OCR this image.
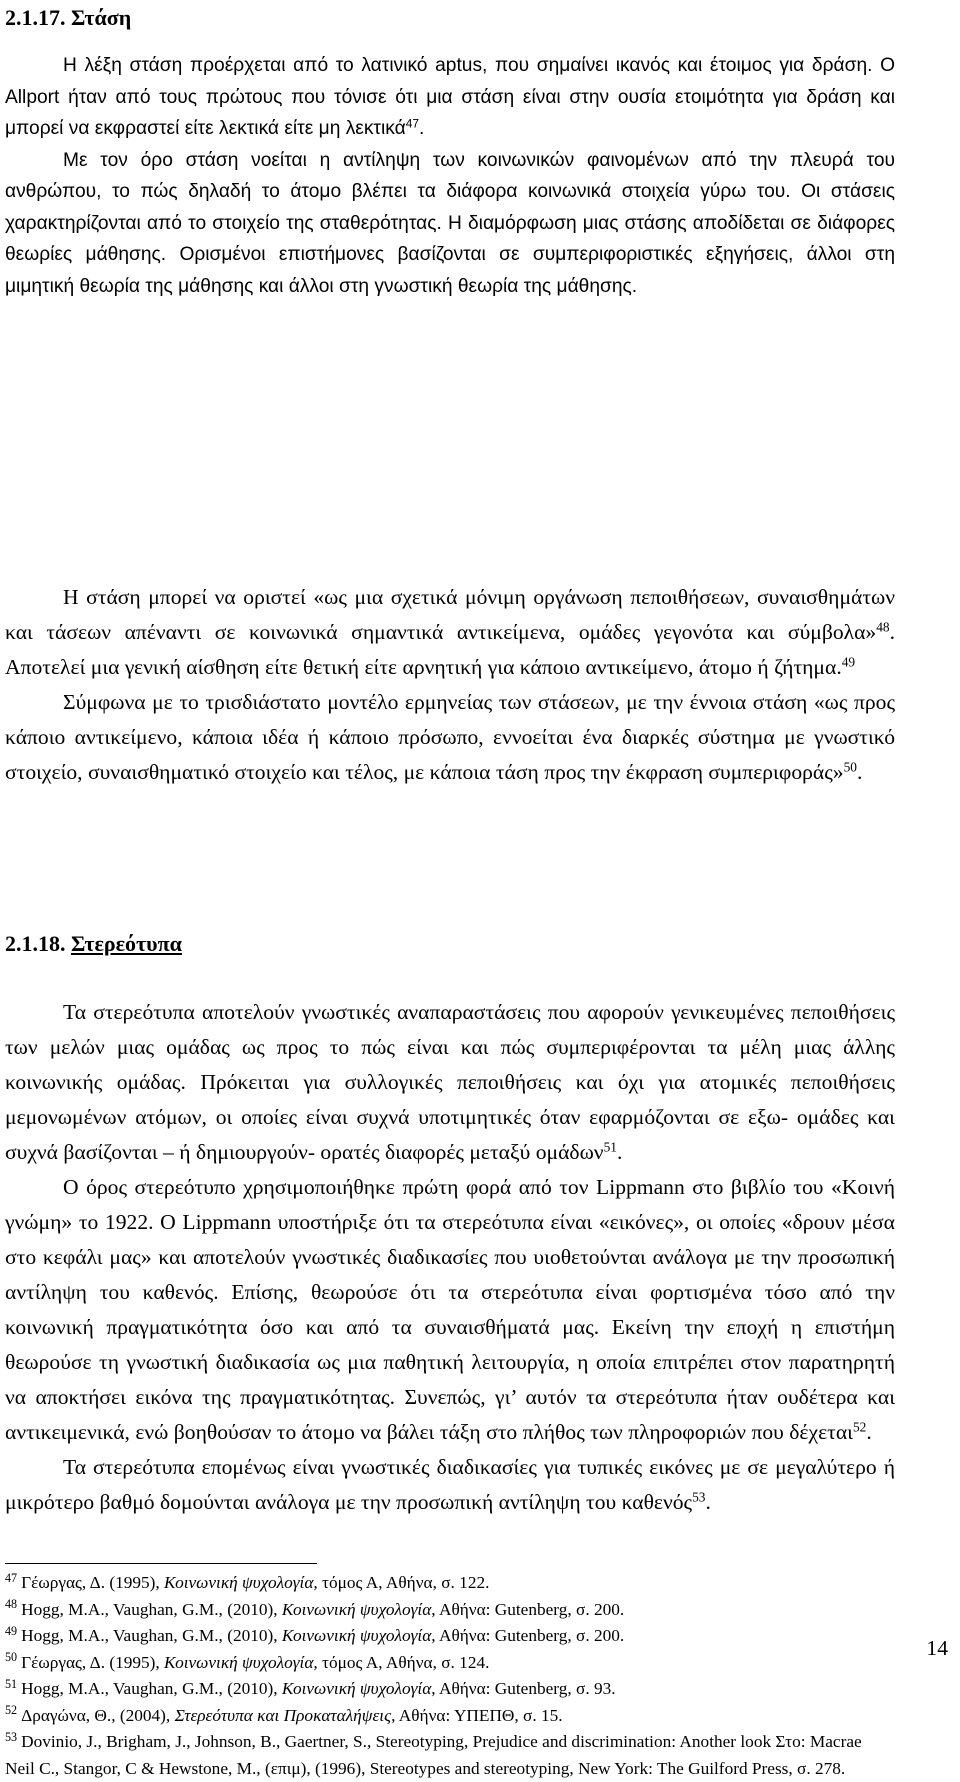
2.1.17. Στάση

Η λέξη στάση προέρχεται από το λατινικό aptus, που σημαίνει ικανός και έτοιμος για δράση. Ο Allport ήταν από τους πρώτους που τόνισε ότι μια στάση είναι στην ουσία ετοιμότητα για δράση και μπορεί να εκφραστεί είτε λεκτικά είτε μη λεκτικά$^{47}$.

Με τον όρο στάση νοείται η αντίληψη των κοινωνικών φαινομένων από την πλευρά του ανθρώπου, το πώς δηλαδή το άτομο βλέπει τα διάφορα κοινωνικά στοιχεία γύρω του. Οι στάσεις χαρακτηρίζονται από το στοιχείο της σταθερότητας. Η διαμόρφωση μιας στάσης αποδίδεται σε διάφορες θεωρίες μάθησης. Ορισμένοι επιστήμονες βασίζονται σε συμπεριφοριστικές εξηγήσεις, άλλοι στη μιμητική θεωρία της μάθησης και άλλοι στη γνωστική θεωρία της μάθησης.

Η στάση μπορεί να οριστεί «ως μια σχετικά μόνιμη οργάνωση πεποιθήσεων, συναισθημάτων και τάσεων απέναντι σε κοινωνικά σημαντικά αντικείμενα, ομάδες γεγονότα και σύμβολα»$^{48}$. Αποτελεί μια γενική αίσθηση είτε θετική είτε αρνητική για κάποιο αντικείμενο, άτομο ή ζήτημα.$^{49}$

Σύμφωνα με το τρισδιάστατο μοντέλο ερμηνείας των στάσεων, με την έννοια στάση «ως προς κάποιο αντικείμενο, κάποια ιδέα ή κάποιο πρόσωπο, εννοείται ένα διαρκές σύστημα με γνωστικό στοιχείο, συναισθηματικό στοιχείο και τέλος, με κάποια τάση προς την έκφραση συμπεριφοράς»$^{50}$.

2.1.18. Στερεότυπα

Τα στερεότυπα αποτελούν γνωστικές αναπαραστάσεις που αφορούν γενικευμένες πεποιθήσεις των μελών μιας ομάδας ως προς το πώς είναι και πώς συμπεριφέρονται τα μέλη μιας άλλης κοινωνικής ομάδας. Πρόκειται για συλλογικές πεποιθήσεις και όχι για ατομικές πεποιθήσεις μεμονωμένων ατόμων, οι οποίες είναι συχνά υποτιμητικές όταν εφαρμόζονται σε εξω- ομάδες και συχνά βασίζονται – ή δημιουργούν- ορατές διαφορές μεταξύ ομάδων$^{51}$.

Ο όρος στερεότυπο χρησιμοποιήθηκε πρώτη φορά από τον Lippmann στο βιβλίο του «Κοινή γνώμη» το 1922. Ο Lippmann υποστήριξε ότι τα στερεότυπα είναι «εικόνες», οι οποίες «δρουν μέσα στο κεφάλι μας» και αποτελούν γνωστικές διαδικασίες που υιοθετούνται ανάλογα με την προσωπική αντίληψη του καθενός. Επίσης, θεωρούσε ότι τα στερεότυπα είναι φορτισμένα τόσο από την κοινωνική πραγματικότητα όσο και από τα συναισθήματά μας. Εκείνη την εποχή η επιστήμη θεωρούσε τη γνωστική διαδικασία ως μια παθητική λειτουργία, η οποία επιτρέπει στον παρατηρητή να αποκτήσει εικόνα της πραγματικότητας. Συνεπώς, γι’ αυτόν τα στερεότυπα ήταν ουδέτερα και αντικειμενικά, ενώ βοηθούσαν το άτομο να βάλει τάξη στο πλήθος των πληροφοριών που δέχεται$^{52}$.

Τα στερεότυπα επομένως είναι γνωστικές διαδικασίες για τυπικές εικόνες με σε μεγαλύτερο ή μικρότερο βαθμό δομούνται ανάλογα με την προσωπική αντίληψη του καθενός$^{53}$.

$^{47}$ Γέωργας, Δ. (1995), Κοινωνική ψυχολογία, τόμος Α, Αθήνα, σ. 122.
$^{48}$ Hogg, M.A., Vaughan, G.M., (2010), Κοινωνική ψυχολογία, Αθήνα: Gutenberg, σ. 200.
$^{49}$ Hogg, M.A., Vaughan, G.M., (2010), Κοινωνική ψυχολογία, Αθήνα: Gutenberg, σ. 200.
$^{50}$ Γέωργας, Δ. (1995), Κοινωνική ψυχολογία, τόμος Α, Αθήνα, σ. 124.
$^{51}$ Hogg, M.A., Vaughan, G.M., (2010), Κοινωνική ψυχολογία, Αθήνα: Gutenberg, σ. 93.
$^{52}$ Δραγώνα, Θ., (2004), Στερεότυπα και Προκαταλήψεις, Αθήνα: ΥΠΕΠΘ, σ. 15.
$^{53}$ Dovinio, J., Brigham, J., Johnson, B., Gaertner, S., Stereotyping, Prejudice and discrimination: Another look Στο: Macrae Neil C., Stangor, C & Hewstone, M., (επιμ), (1996), Stereotypes and stereotyping, New York: The Guilford Press, σ. 278.
14
